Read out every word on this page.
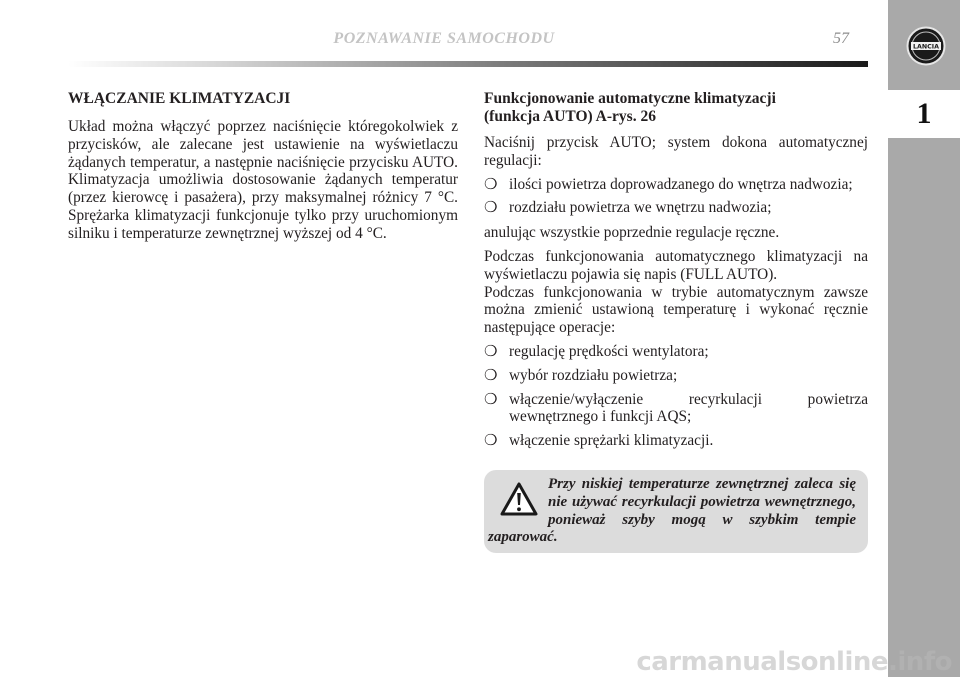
POZNAWANIE SAMOCHODU	57
LANCIA
1
WŁĄCZANIE KLIMATYZACJI

Układ można włączyć poprzez naciśnięcie któregokolwiek z przycisków, ale zalecane jest ustawienie na wyświetlaczu żądanych temperatur, a następnie naciśnięcie przycisku AUTO. Klimatyzacja umożliwia dostosowanie żądanych temperatur (przez kierowcę i pasażera), przy maksymalnej różnicy 7 °C. Sprężarka klimatyzacji funkcjonuje tylko przy uruchomionym silniku i temperaturze zewnętrznej wyższej od 4 °C.

Funkcjonowanie automatyczne klimatyzacji
(funkcja AUTO) A-rys. 26

Naciśnij przycisk AUTO; system dokona automatycznej regulacji:

❍ ilości powietrza doprowadzanego do wnętrza nadwozia;
❍ rozdziału powietrza we wnętrzu nadwozia;

anulując wszystkie poprzednie regulacje ręczne.

Podczas funkcjonowania automatycznego klimatyzacji na wyświetlaczu pojawia się napis (FULL AUTO).

Podczas funkcjonowania w trybie automatycznym zawsze można zmienić ustawioną temperaturę i wykonać ręcznie następujące operacje:

❍ regulację prędkości wentylatora;
❍ wybór rozdziału powietrza;
❍ włączenie/wyłączenie recyrkulacji powietrza wewnętrznego i funkcji AQS;
❍ włączenie sprężarki klimatyzacji.

Przy niskiej temperaturze zewnętrznej zaleca się nie używać recyrkulacji powietrza wewnętrznego, ponieważ szyby mogą w szybkim tempie zaparować.

carmanualsonline.info
